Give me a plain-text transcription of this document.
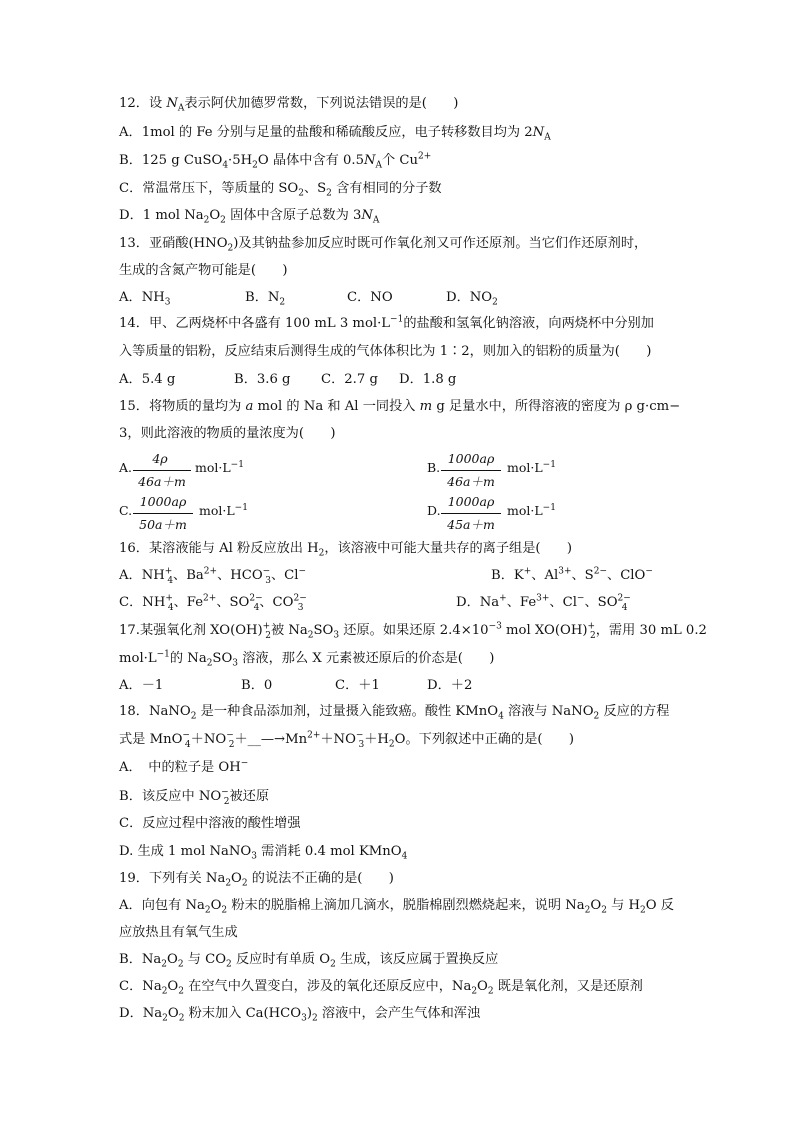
12．设 $N_A$表示阿伏加德罗常数，下列说法错误的是(　　)
A．1mol 的 Fe 分别与足量的盐酸和稀硫酸反应，电子转移数目均为 $2N_A$
B．125 g $CuSO_4\cdot 5H_2O$ 晶体中含有 $0.5N_A$个 $Cu^{2+}$
C．常温常压下，等质量的 $SO_2$、$S_2$ 含有相同的分子数
D．1 mol $Na_2O_2$ 固体中含原子总数为 $3N_A$
13．亚硝酸$(HNO_2)$及其钠盐参加反应时既可作氧化剂又可作还原剂。当它们作还原剂时，
生成的含氮产物可能是(　　)
A．$NH_3$	B．$N_2$	C．NO	D．$NO_2$
14．甲、乙两烧杯中各盛有 100 mL 3 $mol\cdot L^{-1}$的盐酸和氢氧化钠溶液，向两烧杯中分别加
入等质量的铝粉，反应结束后测得生成的气体体积比为 1∶2，则加入的铝粉的质量为(　　)
A．5.4 g	B．3.6 g C．2.7 g D．1.8 g
15．将物质的量均为 a mol 的 Na 和 Al 一同投入 m g 足量水中，所得溶液的密度为 ρ g·cm−
3，则此溶液的物质的量浓度为(　　)
A.
4ρ
46a＋m
$mol\cdot L^{-1}$	B.
1000aρ
46a＋m
$mol\cdot L^{-1}$
C.
1000aρ
50a＋m
$mol\cdot L^{-1}$	D.
1000aρ
45a＋m
$mol\cdot L^{-1}$
16．某溶液能与 Al 粉反应放出 $H_2$，该溶液中可能大量共存的离子组是(　　)
A．$NH^+_4$、$Ba^{2+}$、$HCO^-_3$、Cl−	B．K+、$Al^{3+}$、$S^{2-}$、ClO−
C．$NH^+_4$、$Fe^{2+}$、$SO^{2-}_4$、$CO^{2-}_3$	D．Na+、$Fe^{3+}$、Cl−、$SO^{2-}_4$
17.某强氧化剂 $XO(OH)^+_2$被 $Na_2SO_3$ 还原。如果还原 $2.4\times 10^{-3}$ mol $XO(OH)^+_2$，需用 30 mL 0.2
$mol\cdot L^{-1}$的 $Na_2SO_3$ 溶液，那么 X 元素被还原后的价态是(　　)
A．－1	B．0	C．＋1	D．＋2
18．NaNO$_2$ 是一种食品添加剂，过量摄入能致癌。酸性 KMnO$_4$ 溶液与 NaNO$_2$ 反应的方程
式是 $MnO^-_4+NO^-_2+\_\_—\to Mn^{2+}+NO^-_3+H_2O$。下列叙述中正确的是(　　)
A．　中的粒子是 OH−
B．该反应中 $NO^-_2$被还原
C．反应过程中溶液的酸性增强
D. 生成 1 mol NaNO$_3$ 需消耗 0.4 mol KMnO$_4$
19．下列有关 $Na_2O_2$ 的说法不正确的是(　　)
A．向包有 $Na_2O_2$ 粉末的脱脂棉上滴加几滴水，脱脂棉剧烈燃烧起来，说明 $Na_2O_2$ 与 $H_2O$ 反
应放热且有氧气生成
B．$Na_2O_2$ 与 $CO_2$ 反应时有单质 $O_2$ 生成，该反应属于置换反应
C．$Na_2O_2$ 在空气中久置变白，涉及的氧化还原反应中，$Na_2O_2$ 既是氧化剂，又是还原剂
D．$Na_2O_2$ 粉末加入 $Ca(HCO_3)_2$ 溶液中，会产生气体和浑浊
